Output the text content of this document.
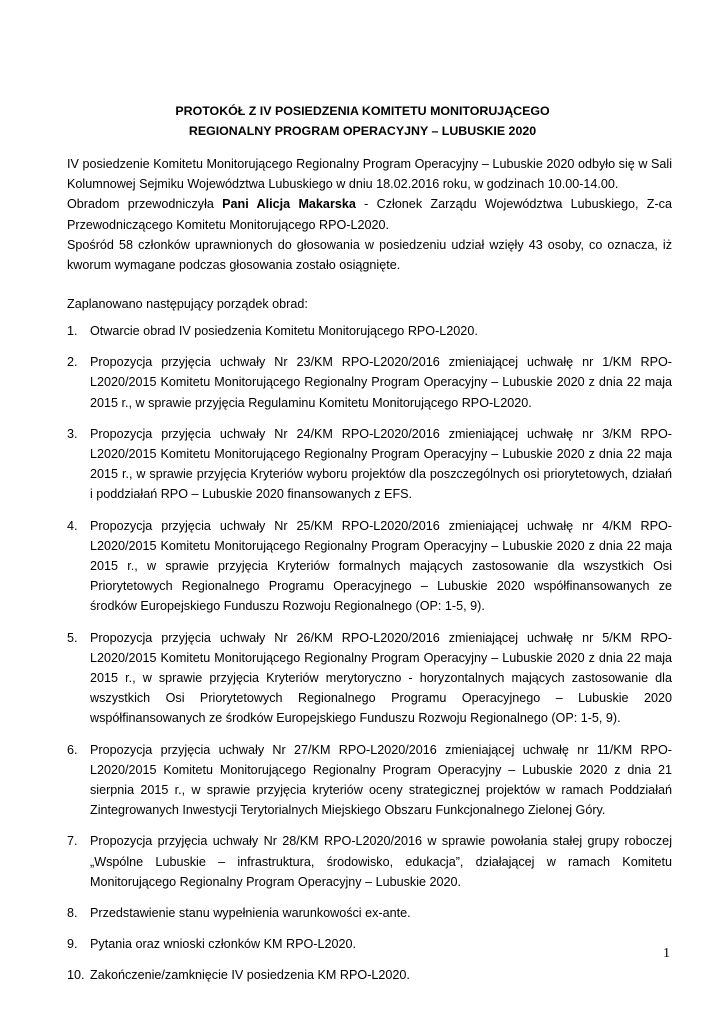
PROTOKÓŁ Z IV POSIEDZENIA KOMITETU MONITORUJĄCEGO
REGIONALNY PROGRAM OPERACYJNY – LUBUSKIE 2020

IV posiedzenie Komitetu Monitorującego Regionalny Program Operacyjny – Lubuskie 2020 odbyło się w Sali Kolumnowej Sejmiku Województwa Lubuskiego w dniu 18.02.2016 roku, w godzinach 10.00-14.00.

Obradom przewodniczyła Pani Alicja Makarska - Członek Zarządu Województwa Lubuskiego, Z-ca Przewodniczącego Komitetu Monitorującego RPO-L2020.

Spośród 58 członków uprawnionych do głosowania w posiedzeniu udział wzięły 43 osoby, co oznacza, iż kworum wymagane podczas głosowania zostało osiągnięte.

Zaplanowano następujący porządek obrad:
1. Otwarcie obrad IV posiedzenia Komitetu Monitorującego RPO-L2020.
2. Propozycja przyjęcia uchwały Nr 23/KM RPO-L2020/2016 zmieniającej uchwałę nr 1/KM RPO-L2020/2015 Komitetu Monitorującego Regionalny Program Operacyjny – Lubuskie 2020 z dnia 22 maja 2015 r., w sprawie przyjęcia Regulaminu Komitetu Monitorującego RPO-L2020.
3. Propozycja przyjęcia uchwały Nr 24/KM RPO-L2020/2016 zmieniającej uchwałę nr 3/KM RPO-L2020/2015 Komitetu Monitorującego Regionalny Program Operacyjny – Lubuskie 2020 z dnia 22 maja 2015 r., w sprawie przyjęcia Kryteriów wyboru projektów dla poszczególnych osi priorytetowych, działań i poddziałań RPO – Lubuskie 2020 finansowanych z EFS.
4. Propozycja przyjęcia uchwały Nr 25/KM RPO-L2020/2016 zmieniającej uchwałę nr 4/KM RPO-L2020/2015 Komitetu Monitorującego Regionalny Program Operacyjny – Lubuskie 2020 z dnia 22 maja 2015 r., w sprawie przyjęcia Kryteriów formalnych mających zastosowanie dla wszystkich Osi Priorytetowych Regionalnego Programu Operacyjnego – Lubuskie 2020 współfinansowanych ze środków Europejskiego Funduszu Rozwoju Regionalnego (OP: 1-5, 9).
5. Propozycja przyjęcia uchwały Nr 26/KM RPO-L2020/2016 zmieniającej uchwałę nr 5/KM RPO-L2020/2015 Komitetu Monitorującego Regionalny Program Operacyjny – Lubuskie 2020 z dnia 22 maja 2015 r., w sprawie przyjęcia Kryteriów merytoryczno - horyzontalnych mających zastosowanie dla wszystkich Osi Priorytetowych Regionalnego Programu Operacyjnego – Lubuskie 2020 współfinansowanych ze środków Europejskiego Funduszu Rozwoju Regionalnego (OP: 1-5, 9).
6. Propozycja przyjęcia uchwały Nr 27/KM RPO-L2020/2016 zmieniającej uchwałę nr 11/KM RPO-L2020/2015 Komitetu Monitorującego Regionalny Program Operacyjny – Lubuskie 2020 z dnia 21 sierpnia 2015 r., w sprawie przyjęcia kryteriów oceny strategicznej projektów w ramach Poddziałań Zintegrowanych Inwestycji Terytorialnych Miejskiego Obszaru Funkcjonalnego Zielonej Góry.
7. Propozycja przyjęcia uchwały Nr 28/KM RPO-L2020/2016 w sprawie powołania stałej grupy roboczej „Wspólne Lubuskie – infrastruktura, środowisko, edukacja”, działającej w ramach Komitetu Monitorującego Regionalny Program Operacyjny – Lubuskie 2020.
8. Przedstawienie stanu wypełnienia warunkowości ex-ante.
9. Pytania oraz wnioski członków KM RPO-L2020.
10. Zakończenie/zamknięcie IV posiedzenia KM RPO-L2020.
1
